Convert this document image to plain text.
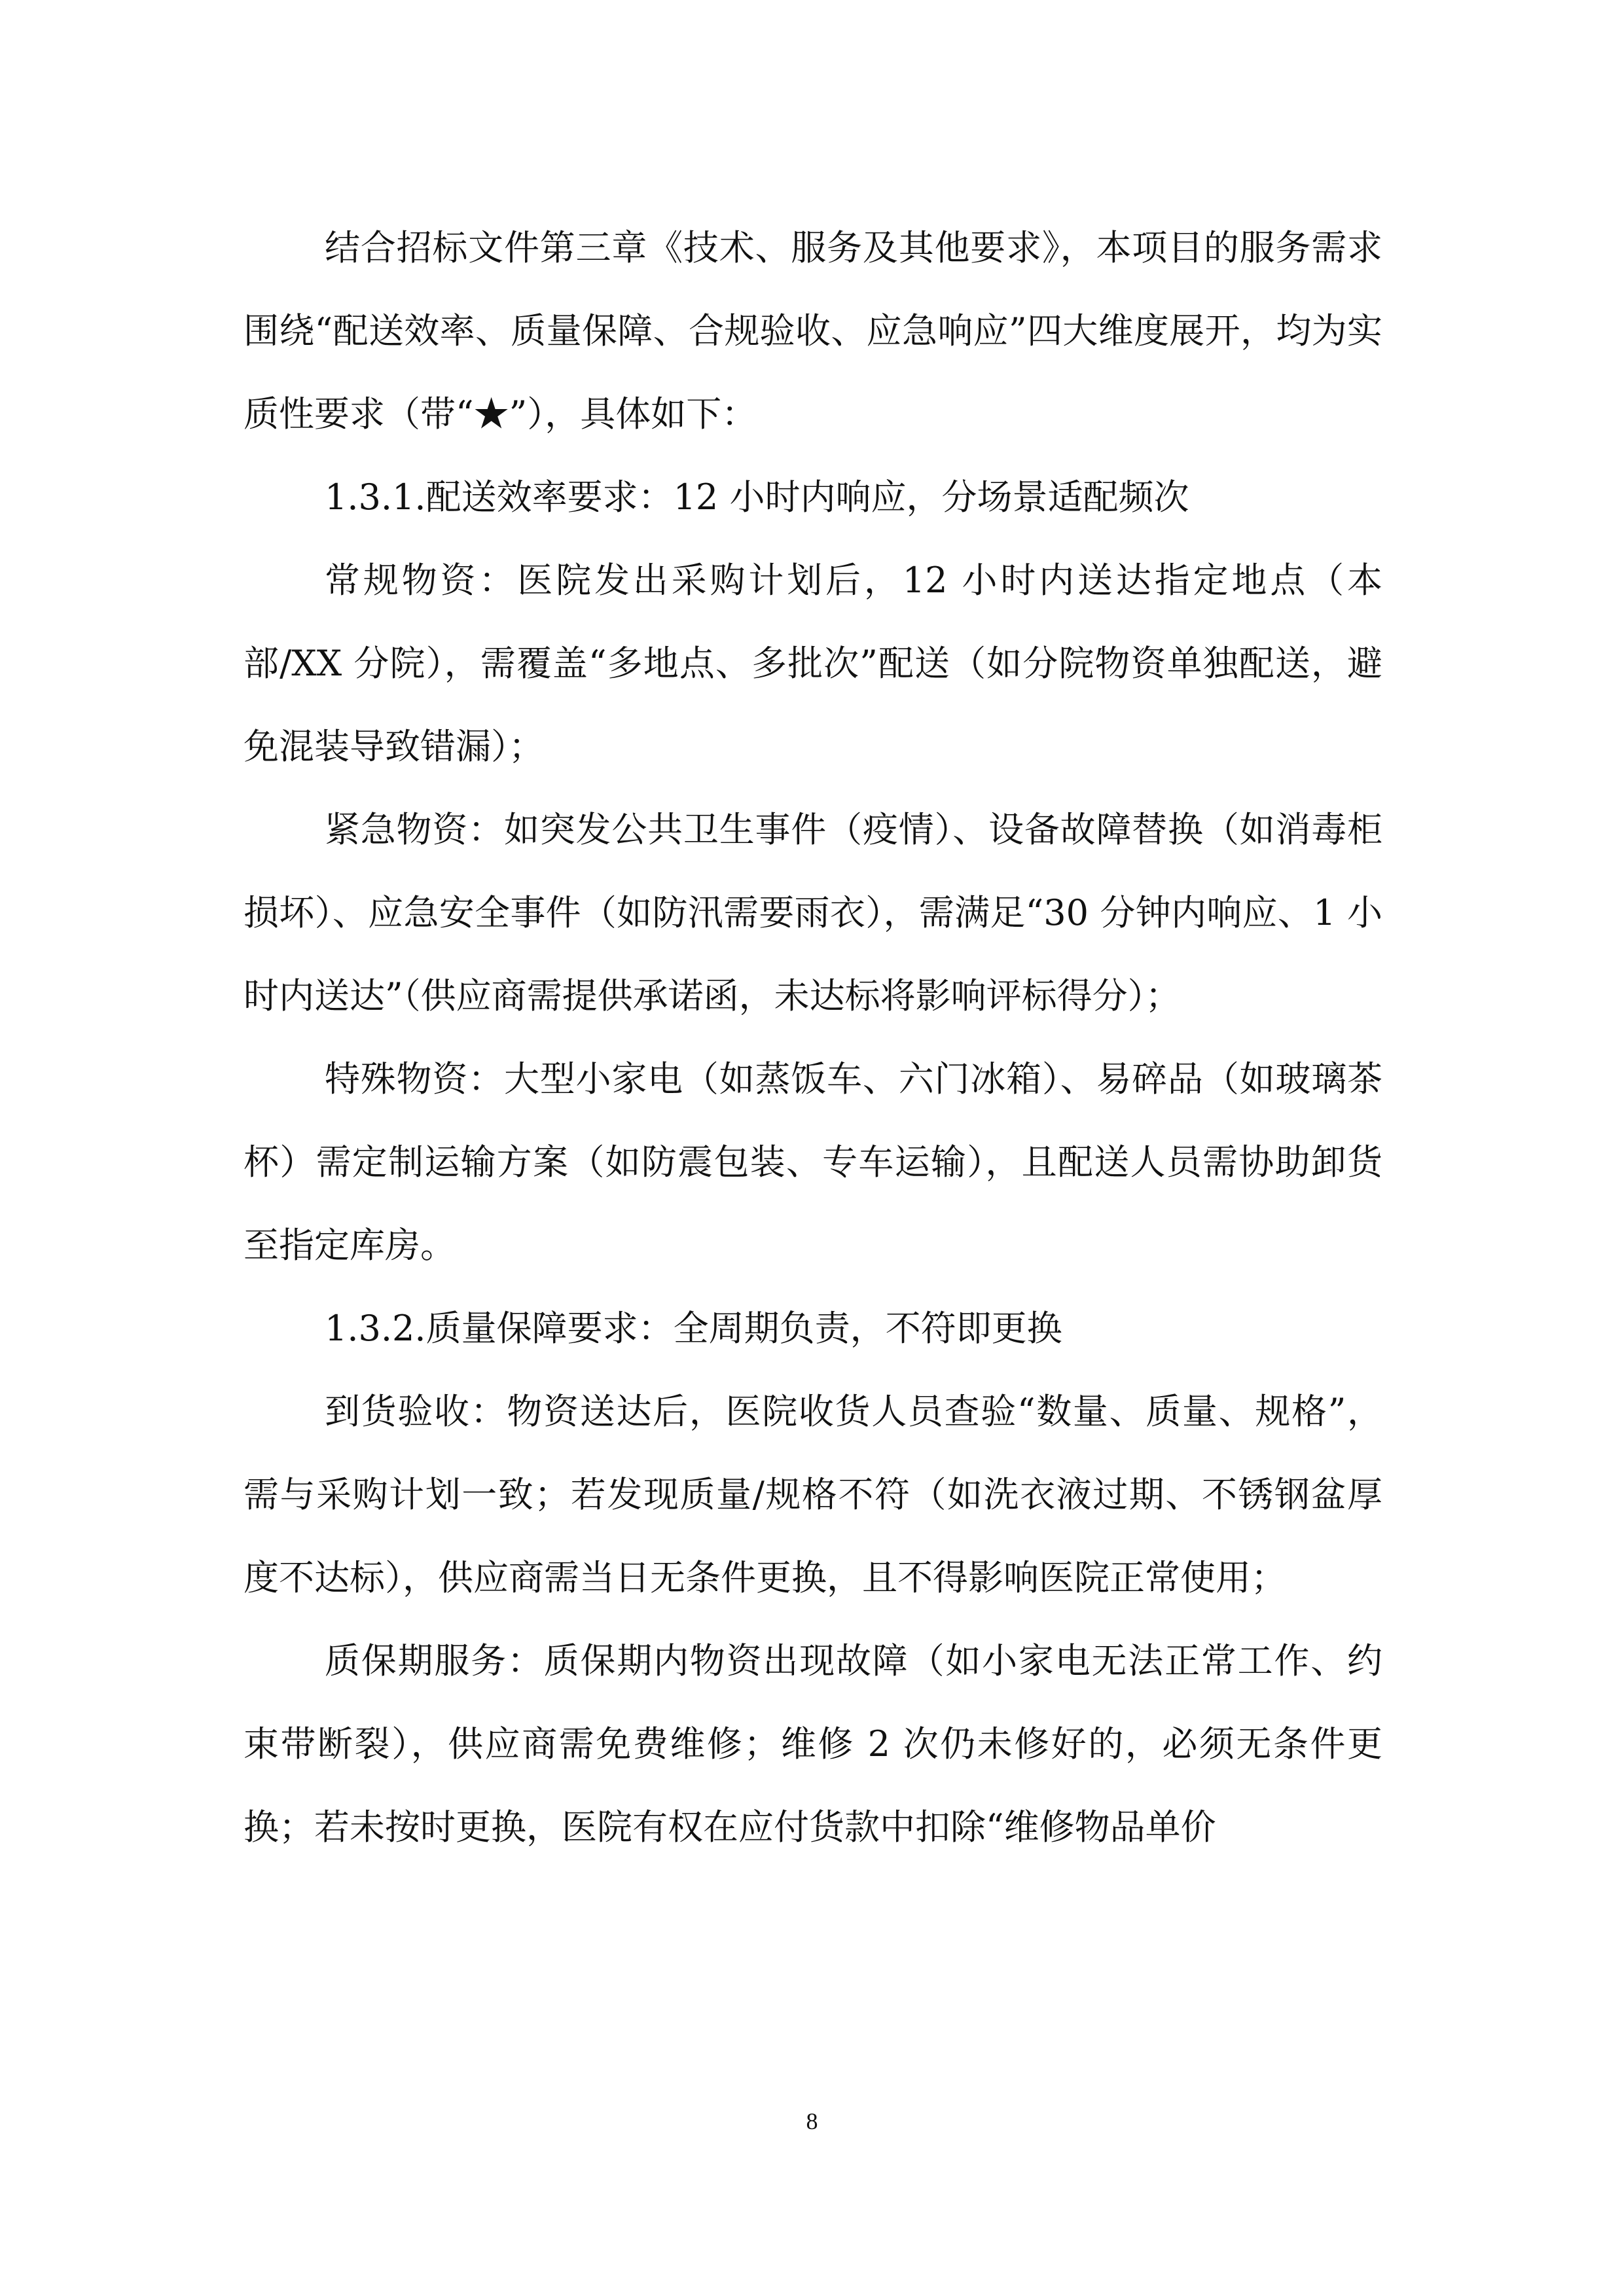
结合招标文件第三章《技术、服务及其他要求》，本项目的服务需求围绕“配送效率、质量保障、合规验收、应急响应”四大维度展开，均为实质性要求（带“★”），具体如下：

1.3.1.配送效率要求：12 小时内响应，分场景适配频次

常规物资：医院发出采购计划后，12 小时内送达指定地点（本部/XX 分院），需覆盖“多地点、多批次”配送（如分院物资单独配送，避免混装导致错漏）；

紧急物资：如突发公共卫生事件（疫情）、设备故障替换（如消毒柜损坏）、应急安全事件（如防汛需要雨衣），需满足“30 分钟内响应、1 小时内送达”（供应商需提供承诺函，未达标将影响评标得分）；

特殊物资：大型小家电（如蒸饭车、六门冰箱）、易碎品（如玻璃茶杯）需定制运输方案（如防震包装、专车运输），且配送人员需协助卸货至指定库房。

1.3.2.质量保障要求：全周期负责，不符即更换

到货验收：物资送达后，医院收货人员查验“数量、质量、规格”，需与采购计划一致；若发现质量/规格不符（如洗衣液过期、不锈钢盆厚度不达标），供应商需当日无条件更换，且不得影响医院正常使用；

质保期服务：质保期内物资出现故障（如小家电无法正常工作、约束带断裂），供应商需免费维修；维修 2 次仍未修好的，必须无条件更换；若未按时更换，医院有权在应付货款中扣除“维修物品单价

8
